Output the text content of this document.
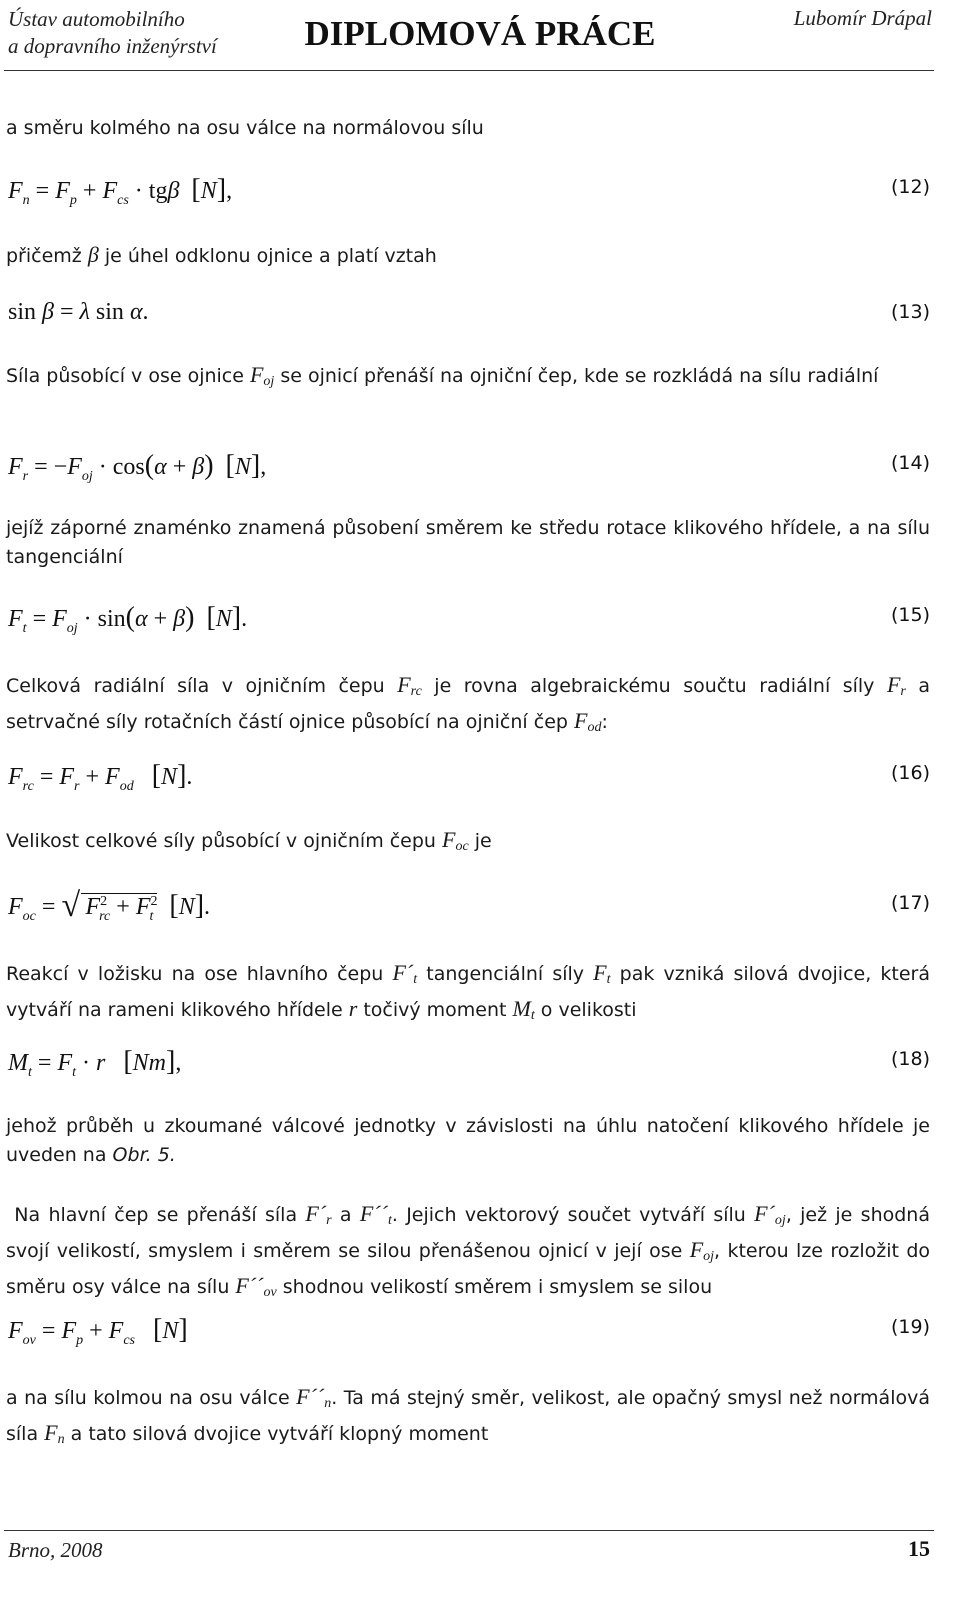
Ústav automobilního
a dopravního inženýrství	DIPLOMOVÁ PRÁCE	Lubomír Drápal
a směru kolmého na osu válce na normálovou sílu
$F_n = F_p + F_{cs} \cdot tg\beta$ [N],	(12)
přičemž β je úhel odklonu ojnice a platí vztah
sin β = λ sin α.	(13)
Síla působící v ose ojnice $F_{oj}$ se ojnicí přenáší na ojniční čep, kde se rozkládá na sílu radiální
$F_r = -F_{oj} \cdot \cos(\alpha + \beta)$ [N],	(14)
jejíž záporné znaménko znamená působení směrem ke středu rotace klikového hřídele, a na sílu tangenciální
$F_t = F_{oj} \cdot \sin(\alpha + \beta)$ [N].	(15)
Celková radiální síla v ojničním čepu $F_{rc}$ je rovna algebraickému součtu radiální síly $F_r$ a setrvačné síly rotačních částí ojnice působící na ojniční čep $F_{od}$:
$F_{rc} = F_r + F_{od}$ [N].	(16)
Velikost celkové síly působící v ojničním čepu $F_{oc}$ je
$F_{oc}$ = √ $F^2_{rc} + F^2_t$ [N].	(17)
Reakcí v ložisku na ose hlavního čepu $F´_t$ tangenciální síly $F_t$ pak vzniká silová dvojice, která vytváří na rameni klikového hřídele r točivý moment $M_t$ o velikosti
$M_t = F_t \cdot r$ [Nm],	(18)
jehož průběh u zkoumané válcové jednotky v závislosti na úhlu natočení klikového hřídele je uveden na Obr. 5.
Na hlavní čep se přenáší síla $F´_r$ a $F´´_t$. Jejich vektorový součet vytváří sílu $F´_{oj}$, jež je shodná svojí velikostí, smyslem i směrem se silou přenášenou ojnicí v její ose $F_{oj}$, kterou lze rozložit do směru osy válce na sílu $F´´_{ov}$ shodnou velikostí směrem i smyslem se silou
$F_{ov} = F_p + F_{cs}$ [N]	(19)
a na sílu kolmou na osu válce $F´´_n$. Ta má stejný směr, velikost, ale opačný smysl než normálová síla $F_n$ a tato silová dvojice vytváří klopný moment
Brno, 2008	15
